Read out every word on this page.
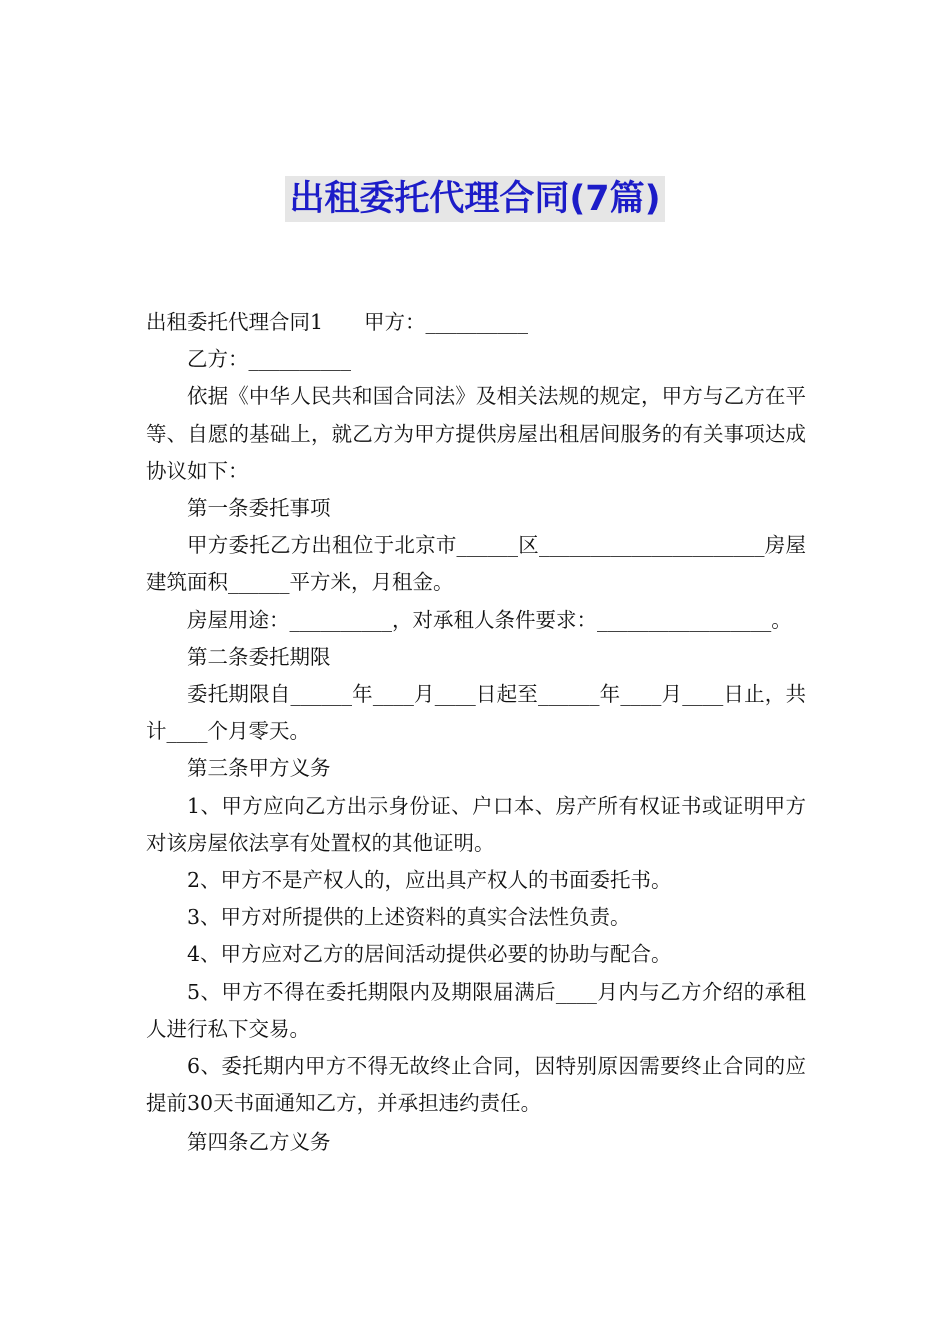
出租委托代理合同(7篇)

出租委托代理合同1　　甲方：__________

乙方：__________

依据《中华人民共和国合同法》及相关法规的规定，甲方与乙方在平等、自愿的基础上，就乙方为甲方提供房屋出租居间服务的有关事项达成协议如下：

第一条委托事项

甲方委托乙方出租位于北京市______区______________________房屋建筑面积______平方米，月租金。

房屋用途：__________，对承租人条件要求：_________________。

第二条委托期限

委托期限自______年____月____日起至______年____月____日止，共计____个月零天。

第三条甲方义务

1、甲方应向乙方出示身份证、户口本、房产所有权证书或证明甲方对该房屋依法享有处置权的其他证明。

2、甲方不是产权人的，应出具产权人的书面委托书。

3、甲方对所提供的上述资料的真实合法性负责。

4、甲方应对乙方的居间活动提供必要的协助与配合。

5、甲方不得在委托期限内及期限届满后____月内与乙方介绍的承租人进行私下交易。

6、委托期内甲方不得无故终止合同，因特别原因需要终止合同的应提前30天书面通知乙方，并承担违约责任。

第四条乙方义务
